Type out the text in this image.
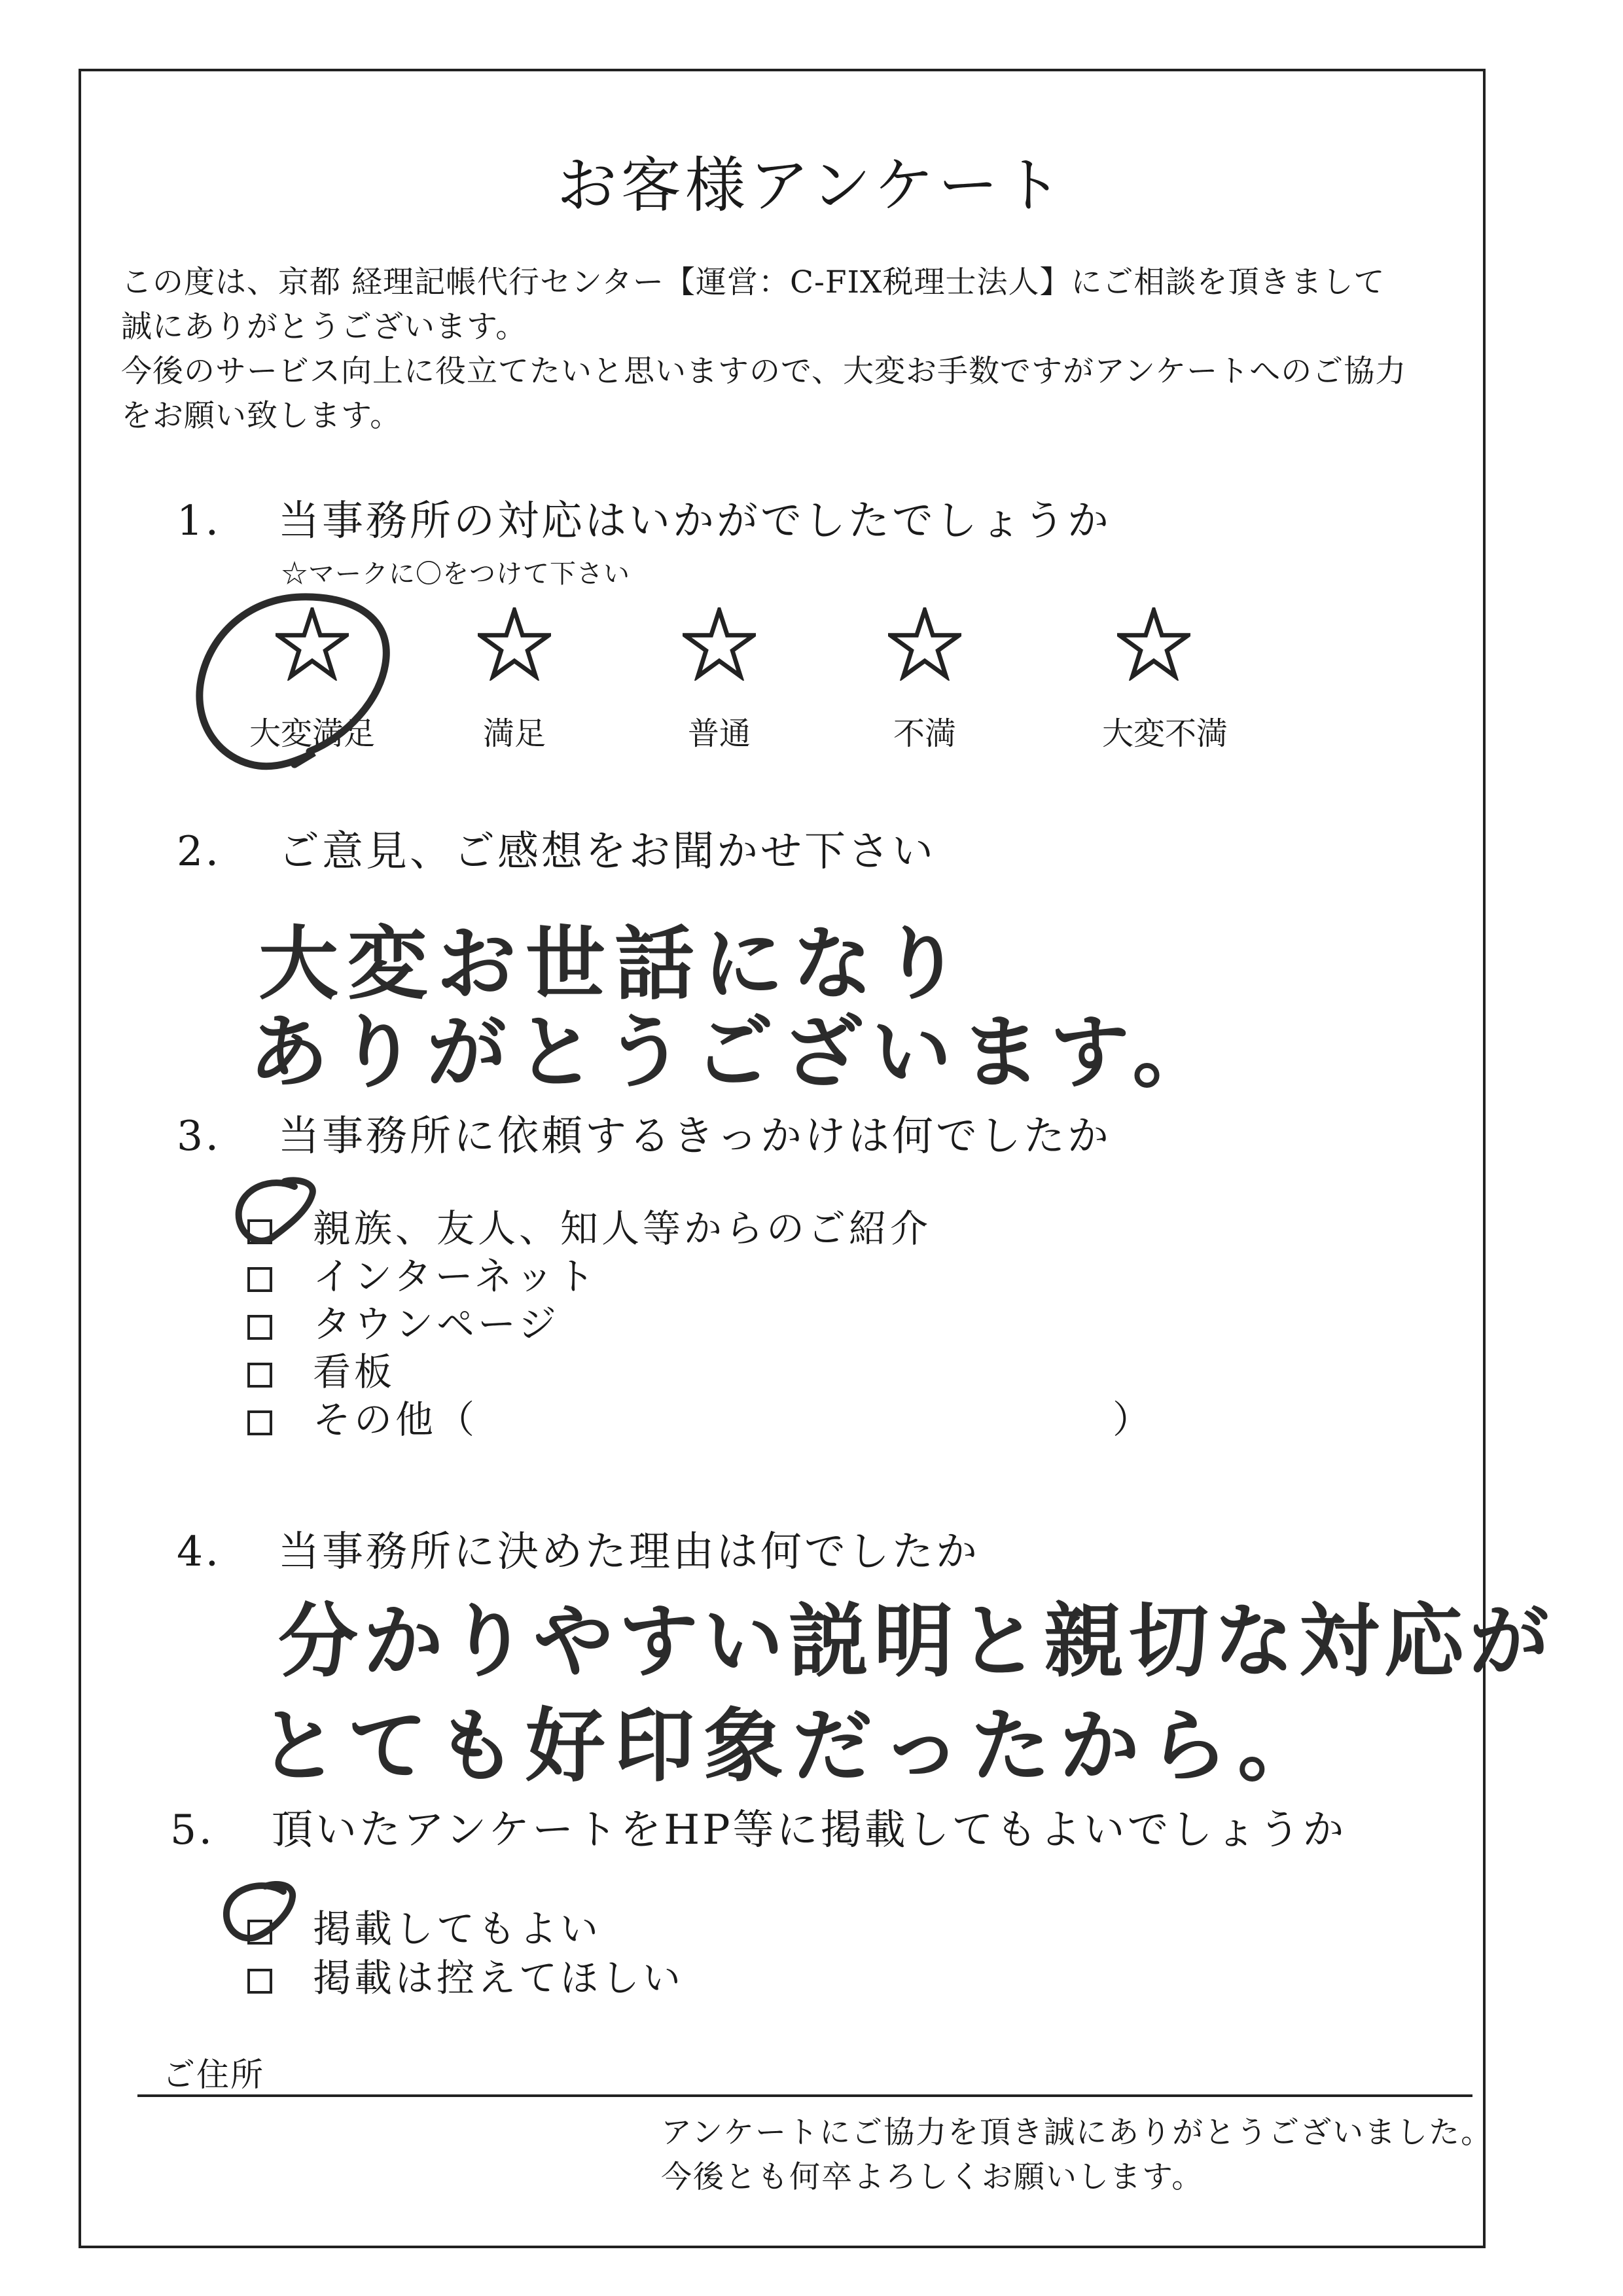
お客様アンケート
この度は、京都 経理記帳代行センター【運営：C-FIX税理士法人】にご相談を頂きまして
誠にありがとうございます。
今後のサービス向上に役立てたいと思いますので、大変お手数ですがアンケートへのご協力
をお願い致します。
1． 当事務所の対応はいかがでしたでしょうか
☆マークに〇をつけて下さい
大変満足	満足	普通	不満	大変不満
2． ご意見、ご感想をお聞かせ下さい
大変お世話になり
ありがとうございます。
3． 当事務所に依頼するきっかけは何でしたか
親族、友人、知人等からのご紹介
インターネット
タウンページ
看板
その他（	）
4． 当事務所に決めた理由は何でしたか
分かりやすい説明と親切な対応が
とても好印象だったから。
5． 頂いたアンケートをHP等に掲載してもよいでしょうか
掲載してもよい
掲載は控えてほしい
ご住所
アンケートにご協力を頂き誠にありがとうございました。
今後とも何卒よろしくお願いします。
